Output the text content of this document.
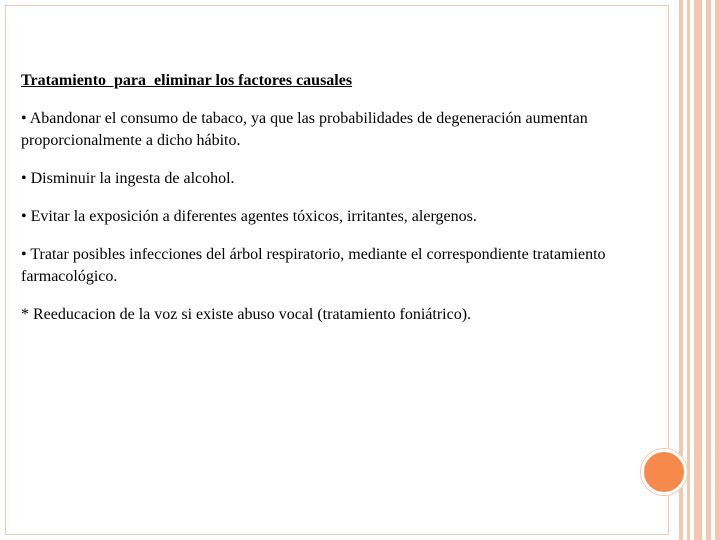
Tratamiento  para  eliminar los factores causales

• Abandonar el consumo de tabaco, ya que las probabilidades de degeneración aumentan proporcionalmente a dicho hábito.

• Disminuir la ingesta de alcohol.

• Evitar la exposición a diferentes agentes tóxicos, irritantes, alergenos.

• Tratar posibles infecciones del árbol respiratorio, mediante el correspondiente tratamiento farmacológico.

* Reeducacion de la voz si existe abuso vocal (tratamiento foniátrico).
